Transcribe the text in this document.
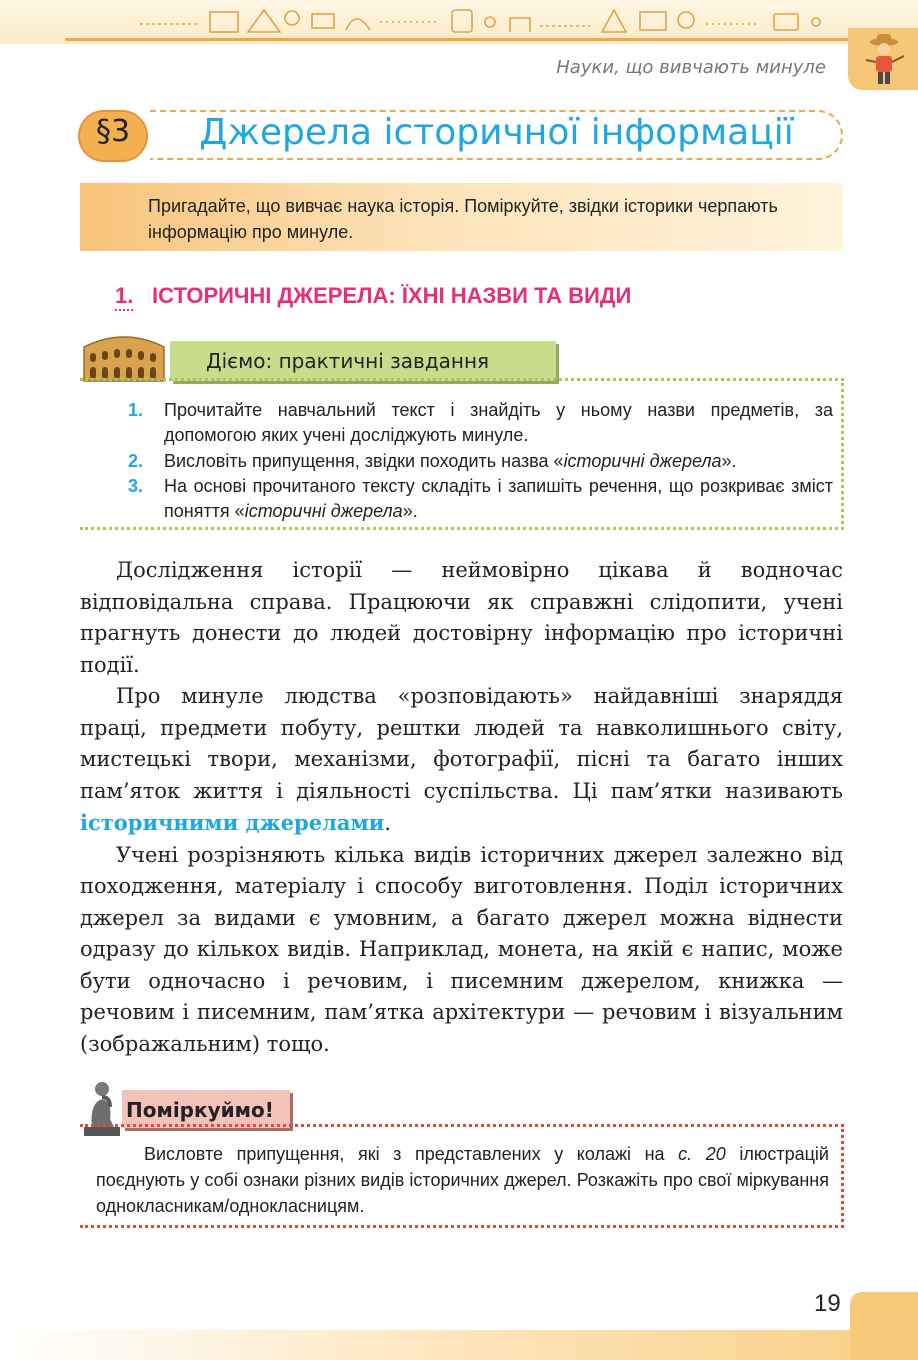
Науки, що вивчають минуле
§3	Джерела історичної інформації
Пригадайте, що вивчає наука історія. Поміркуйте, звідки історики черпають інформацію про минуле.
1. ІСТОРИЧНІ ДЖЕРЕЛА: ЇХНІ НАЗВИ ТА ВИДИ
Діємо: практичні завдання
1. Прочитайте навчальний текст і знайдіть у ньому назви предметів, за допомогою яких учені досліджують минуле.
2. Висловіть припущення, звідки походить назва «історичні джерела».
3. На основі прочитаного тексту складіть і запишіть речення, що розкриває зміст поняття «історичні джерела».

Дослідження історії — неймовірно цікава й водночас відповідальна справа. Працюючи як справжні слідопити, учені прагнуть донести до людей достовірну інформацію про історичні події.

Про минуле людства «розповідають» найдавніші знаряддя праці, предмети побуту, рештки людей та навколишнього світу, мистецькі твори, механізми, фотографії, пісні та багато інших пам’яток життя і діяльності суспільства. Ці пам’ятки називають історичними джерелами.

Учені розрізняють кілька видів історичних джерел залежно від походження, матеріалу і способу виготовлення. Поділ історичних джерел за видами є умовним, а багато джерел можна віднести одразу до кількох видів. Наприклад, монета, на якій є напис, може бути одночасно і речовим, і писемним джерелом, книжка — речовим і писемним, пам’ятка архітектури — речовим і візуальним (зображальним) тощо.

Поміркуймо!
Висловте припущення, які з представлених у колажі на с. 20 ілюстрацій поєднують у собі ознаки різних видів історичних джерел. Розкажіть про свої міркування однокласникам/однокласницям.
19
